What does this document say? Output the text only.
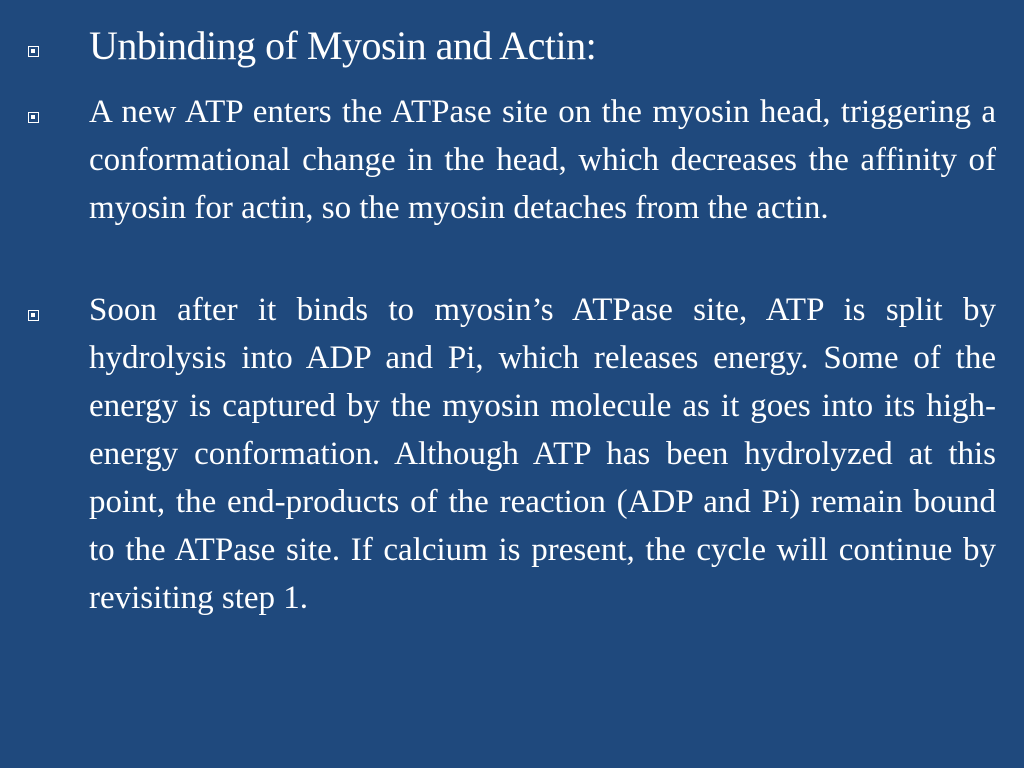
Unbinding of Myosin and Actin:

A new ATP enters the ATPase site on the myosin head, triggering a conformational change in the head, which decreases the affinity of myosin for actin, so the myosin detaches from the actin.

Soon after it binds to myosin’s ATPase site, ATP is split by hydrolysis into ADP and Pi, which releases energy. Some of the energy is captured by the myosin molecule as it goes into its high-energy conformation. Although ATP has been hydrolyzed at this point, the end-products of the reaction (ADP and Pi) remain bound to the ATPase site. If calcium is present, the cycle will continue by revisiting step 1.
